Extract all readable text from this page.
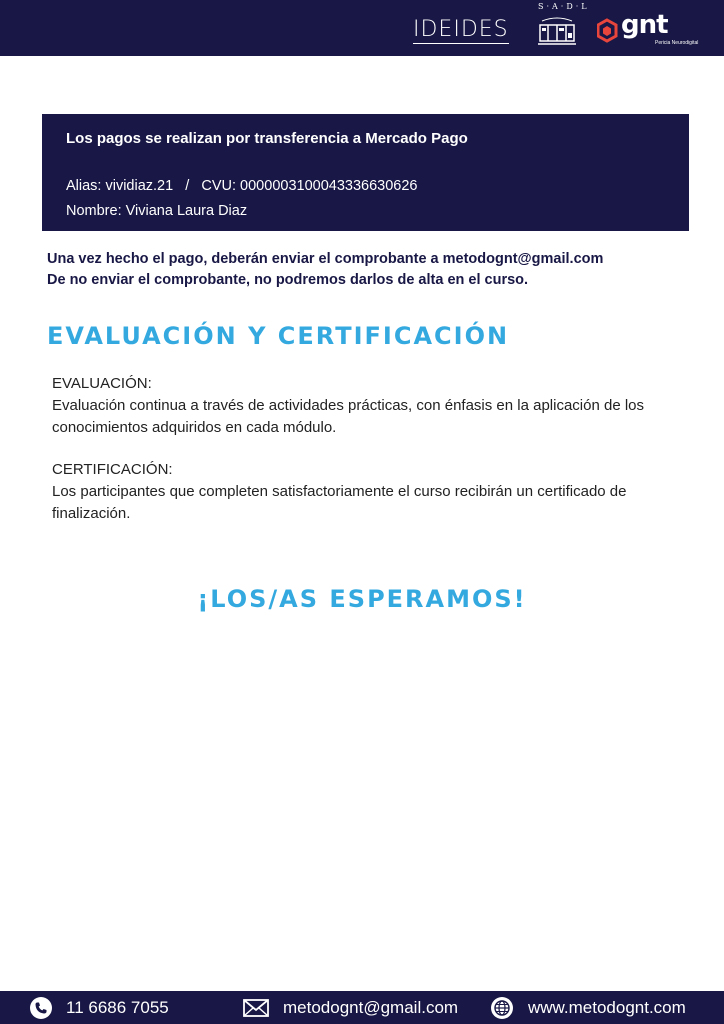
IDEIDES
S·A·D·L
gnt
Pericia Neurodigital
Los pagos se realizan por transferencia a Mercado Pago
Alias: vividiaz.21   /   CVU: 0000003100043336630626
Nombre: Viviana Laura Diaz
Una vez hecho el pago, deberán enviar el comprobante a metodognt@gmail.com
De no enviar el comprobante, no podremos darlos de alta en el curso.
EVALUACIÓN Y CERTIFICACIÓN
EVALUACIÓN:
Evaluación continua a través de actividades prácticas, con énfasis en la aplicación de los conocimientos adquiridos en cada módulo.
CERTIFICACIÓN:
Los participantes que completen satisfactoriamente el curso recibirán un certificado de finalización.
¡LOS/AS ESPERAMOS!
11 6686 7055	metodognt@gmail.com	www.metodognt.com
